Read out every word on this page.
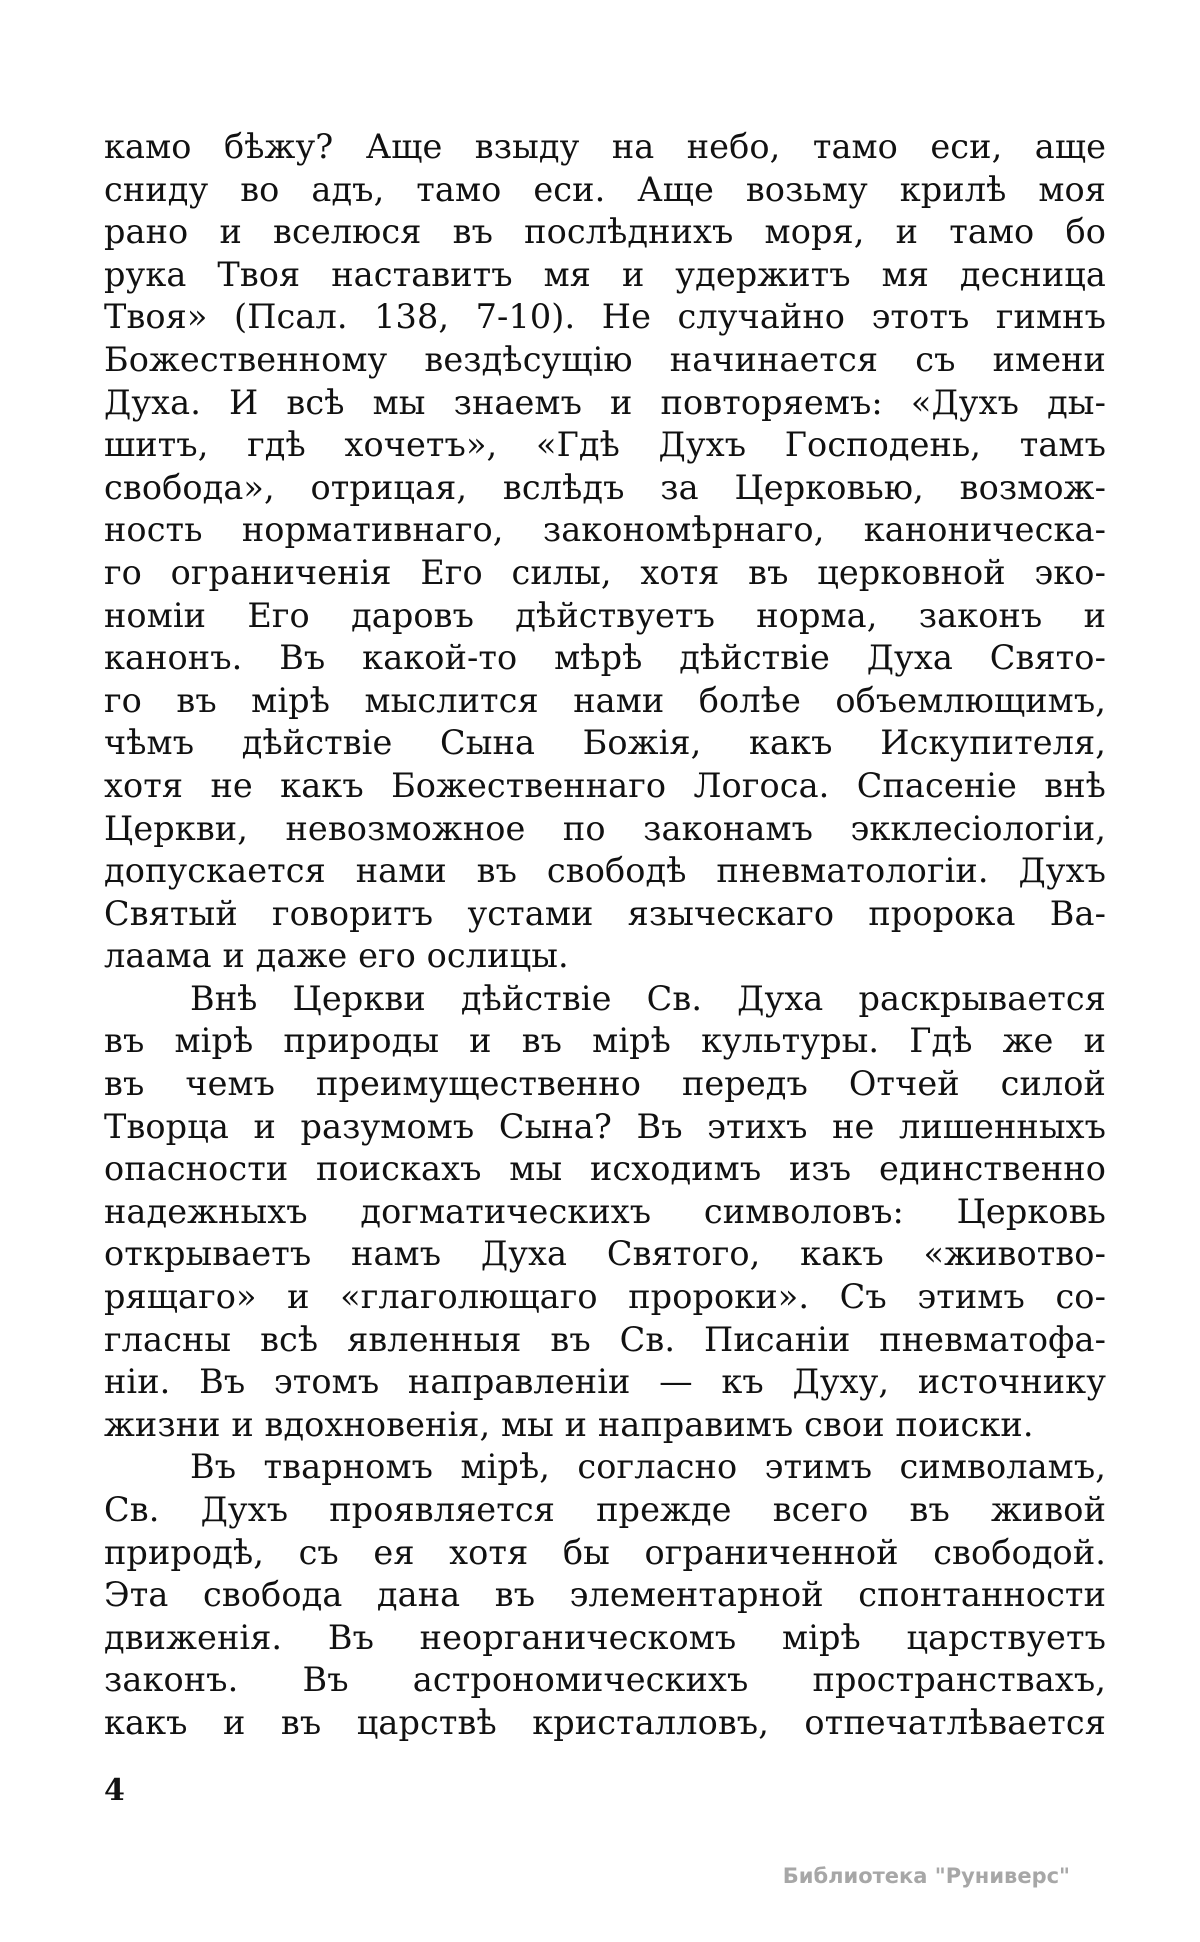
камо бѣжу? Аще взыду на небо, тамо еси, аще
сниду во адъ, тамо еси. Аще возьму крилѣ моя
рано и вселюся въ послѣднихъ моря, и тамо бо
рука Твоя наставитъ мя и удержитъ мя десница
Твоя» (Псал. 138, 7-10). Не случайно этотъ гимнъ
Божественному вездѣсущію начинается съ имени
Духа. И всѣ мы знаемъ и повторяемъ: «Духъ ды-
шитъ, гдѣ хочетъ», «Гдѣ Духъ Господень, тамъ
свобода», отрицая, вслѣдъ за Церковью, возмож-
ность нормативнаго, закономѣрнаго, каноническа-
го ограниченія Его силы, хотя въ церковной эко-
номіи Его даровъ дѣйствуетъ норма, законъ и
канонъ. Въ какой-то мѣрѣ дѣйствіе Духа Свято-
го въ мірѣ мыслится нами болѣе объемлющимъ,
чѣмъ дѣйствіе Сына Божія, какъ Искупителя,
хотя не какъ Божественнаго Логоса. Спасеніе внѣ
Церкви, невозможное по законамъ экклесіологіи,
допускается нами въ свободѣ пневматологіи. Духъ
Святый говоритъ устами языческаго пророка Ва-
лаама и даже его ослицы.
Внѣ Церкви дѣйствіе Св. Духа раскрывается
въ мірѣ природы и въ мірѣ культуры. Гдѣ же и
въ чемъ преимущественно передъ Отчей силой
Творца и разумомъ Сына? Въ этихъ не лишенныхъ
опасности поискахъ мы исходимъ изъ единственно
надежныхъ догматическихъ символовъ: Церковь
открываетъ намъ Духа Святого, какъ «животво-
рящаго» и «глаголющаго пророки». Съ этимъ со-
гласны всѣ явленныя въ Св. Писаніи пневматофа-
ніи. Въ этомъ направленіи — къ Духу, источнику
жизни и вдохновенія, мы и направимъ свои поиски.
Въ тварномъ мірѣ, согласно этимъ символамъ,
Св. Духъ проявляется прежде всего въ живой
природѣ, съ ея хотя бы ограниченной свободой.
Эта свобода дана въ элементарной спонтанности
движенія. Въ неорганическомъ мірѣ царствуетъ
законъ. Въ астрономическихъ пространствахъ,
какъ и въ царствѣ кристалловъ, отпечатлѣвается
4
Библиотека "Руниверс"
